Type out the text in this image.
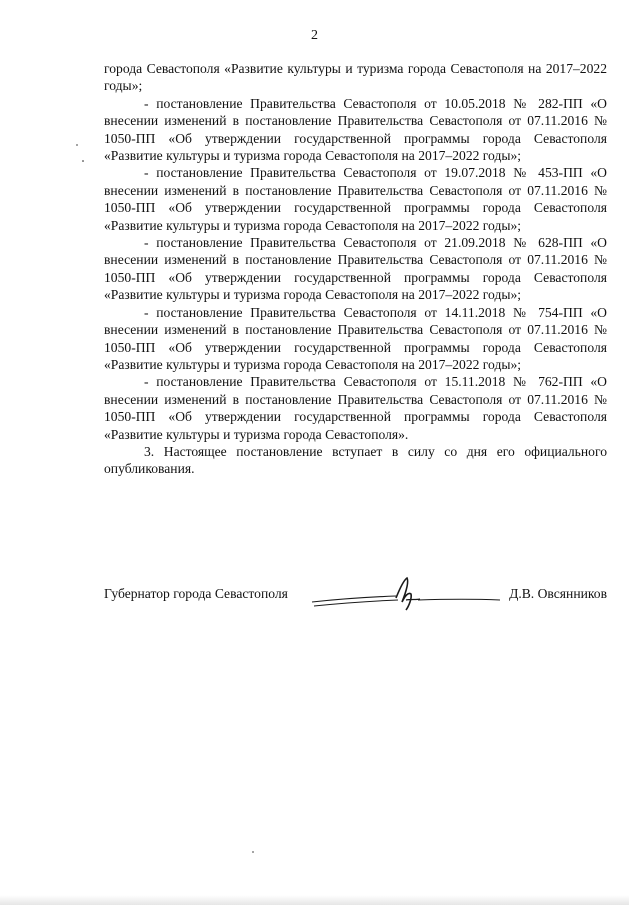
2

города Севастополя «Развитие культуры и туризма города Севастополя на 2017–2022 годы»;

- постановление Правительства Севастополя от 10.05.2018 № 282-ПП «О внесении изменений в постановление Правительства Севастополя от 07.11.2016 № 1050-ПП «Об утверждении государственной программы города Севастополя «Развитие культуры и туризма города Севастополя на 2017–2022 годы»;

- постановление Правительства Севастополя от 19.07.2018 № 453-ПП «О внесении изменений в постановление Правительства Севастополя от 07.11.2016 № 1050-ПП «Об утверждении государственной программы города Севастополя «Развитие культуры и туризма города Севастополя на 2017–2022 годы»;

- постановление Правительства Севастополя от 21.09.2018 № 628-ПП «О внесении изменений в постановление Правительства Севастополя от 07.11.2016 № 1050-ПП «Об утверждении государственной программы города Севастополя «Развитие культуры и туризма города Севастополя на 2017–2022 годы»;

- постановление Правительства Севастополя от 14.11.2018 № 754-ПП «О внесении изменений в постановление Правительства Севастополя от 07.11.2016 № 1050-ПП «Об утверждении государственной программы города Севастополя «Развитие культуры и туризма города Севастополя на 2017–2022 годы»;

- постановление Правительства Севастополя от 15.11.2018 № 762-ПП «О внесении изменений в постановление Правительства Севастополя от 07.11.2016 № 1050-ПП «Об утверждении государственной программы города Севастополя «Развитие культуры и туризма города Севастополя».

3. Настоящее постановление вступает в силу со дня его официального опубликования.

Губернатор города Севастополя	Д.В. Овсянников
